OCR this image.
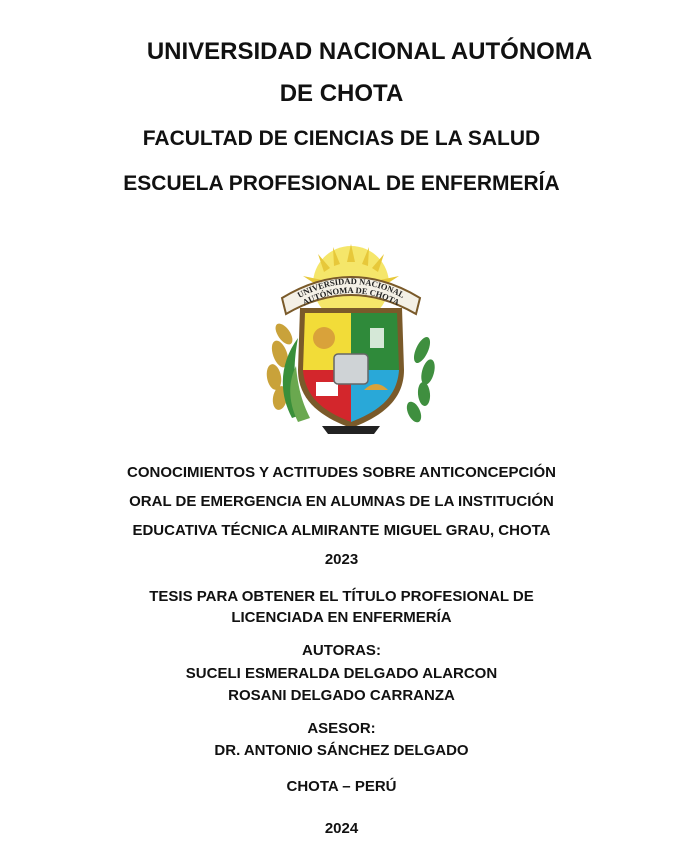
UNIVERSIDAD NACIONAL AUTÓNOMA
DE CHOTA
FACULTAD DE CIENCIAS DE LA SALUD
ESCUELA PROFESIONAL DE ENFERMERÍA
UNIVERSIDAD NACIONAL
AUTÓNOMA DE CHOTA
CONOCIMIENTOS Y ACTITUDES SOBRE ANTICONCEPCIÓN
ORAL DE EMERGENCIA EN ALUMNAS DE LA INSTITUCIÓN
EDUCATIVA TÉCNICA ALMIRANTE MIGUEL GRAU, CHOTA
2023
TESIS PARA OBTENER EL TÍTULO PROFESIONAL DE
LICENCIADA EN ENFERMERÍA
AUTORAS:
SUCELI ESMERALDA DELGADO ALARCON
ROSANI DELGADO CARRANZA
ASESOR:
DR. ANTONIO SÁNCHEZ DELGADO
CHOTA – PERÚ
2024
